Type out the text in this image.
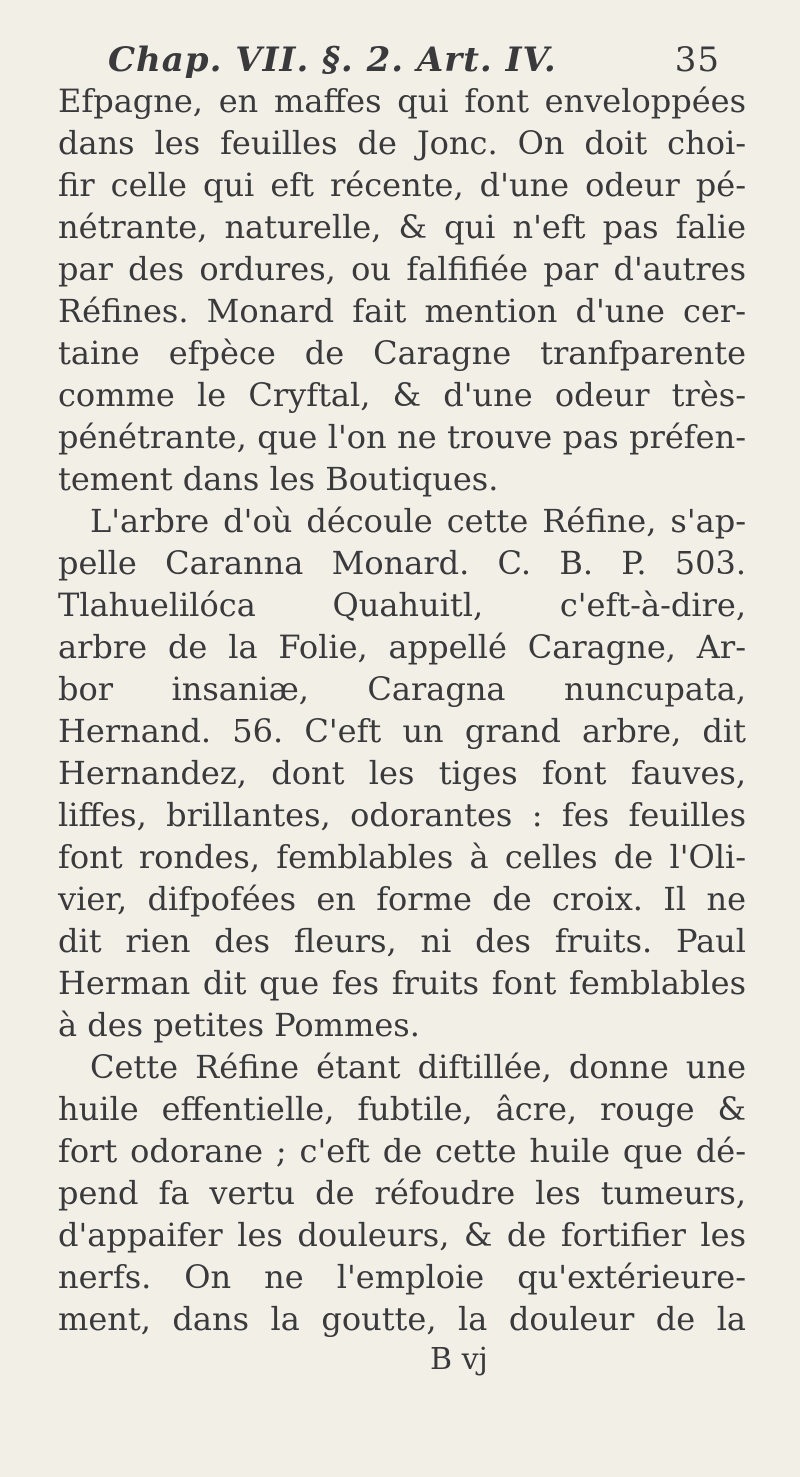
Chap. VII. §. 2. Art. IV.	35
Efpagne, en maffes qui font enveloppées
dans les feuilles de Jonc. On doit choi-
fir celle qui eft récente, d'une odeur pé-
nétrante, naturelle, & qui n'eft pas falie
par des ordures, ou falfifiée par d'autres
Réfines. Monard fait mention d'une cer-
taine efpèce de Caragne tranfparente
comme le Cryftal, & d'une odeur très-
pénétrante, que l'on ne trouve pas préfen-
tement dans les Boutiques.
L'arbre d'où découle cette Réfine, s'ap-
pelle Caranna Monard. C. B. P. 503.
Tlahuelilóca Quahuitl, c'eft-à-dire,
arbre de la Folie, appellé Caragne, Ar-
bor insaniæ, Caragna nuncupata,
Hernand. 56. C'eft un grand arbre, dit
Hernandez, dont les tiges font fauves,
liffes, brillantes, odorantes : fes feuilles
font rondes, femblables à celles de l'Oli-
vier, difpofées en forme de croix. Il ne
dit rien des fleurs, ni des fruits. Paul
Herman dit que fes fruits font femblables
à des petites Pommes.
Cette Réfine étant diftillée, donne une
huile effentielle, fubtile, âcre, rouge &
fort odorane ; c'eft de cette huile que dé-
pend fa vertu de réfoudre les tumeurs,
d'appaifer les douleurs, & de fortifier les
nerfs. On ne l'emploie qu'extérieure-
ment, dans la goutte, la douleur de la
B vj
